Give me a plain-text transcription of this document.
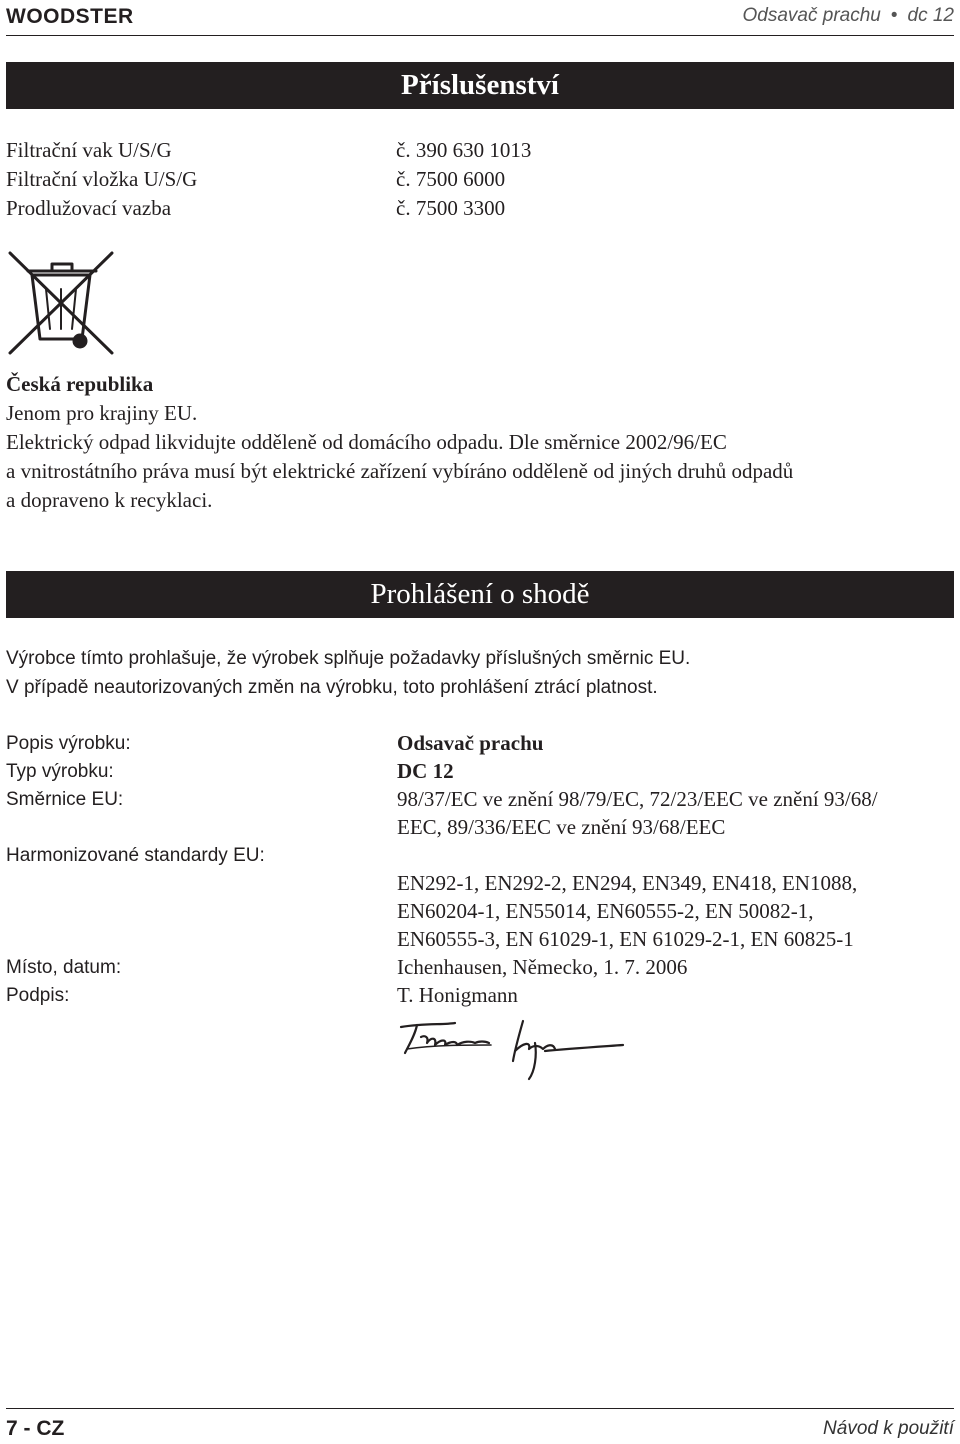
WOODSTER	Odsavač prachu • dc 12
Příslušenství
Filtrační vak U/S/G	č. 390 630 1013
Filtrační vložka U/S/G	č. 7500 6000
Prodlužovací vazba	č. 7500 3300
Česká republika
Jenom pro krajiny EU.
Elektrický odpad likvidujte odděleně od domácího odpadu. Dle směrnice 2002/96/EC
a vnitrostátního práva musí být elektrické zařízení vybíráno odděleně od jiných druhů odpadů
a dopraveno k recyklaci.
Prohlášení o shodě
Výrobce tímto prohlašuje, že výrobek splňuje požadavky příslušných směrnic EU.
V případě neautorizovaných změn na výrobku, toto prohlášení ztrácí platnost.
Popis výrobku:	Odsavač prachu
Typ výrobku:	DC 12
Směrnice EU:	98/37/EC ve znění 98/79/EC, 72/23/EEC ve znění 93/68/
EEC, 89/336/EEC ve znění 93/68/EEC
Harmonizované standardy EU:
EN292-1, EN292-2, EN294, EN349, EN418, EN1088,
EN60204-1, EN55014, EN60555-2, EN 50082-1,
EN60555-3, EN 61029-1, EN 61029-2-1, EN 60825-1
Místo, datum:	Ichenhausen, Německo, 1. 7. 2006
Podpis:	T. Honigmann
7 - CZ	Návod k použití
